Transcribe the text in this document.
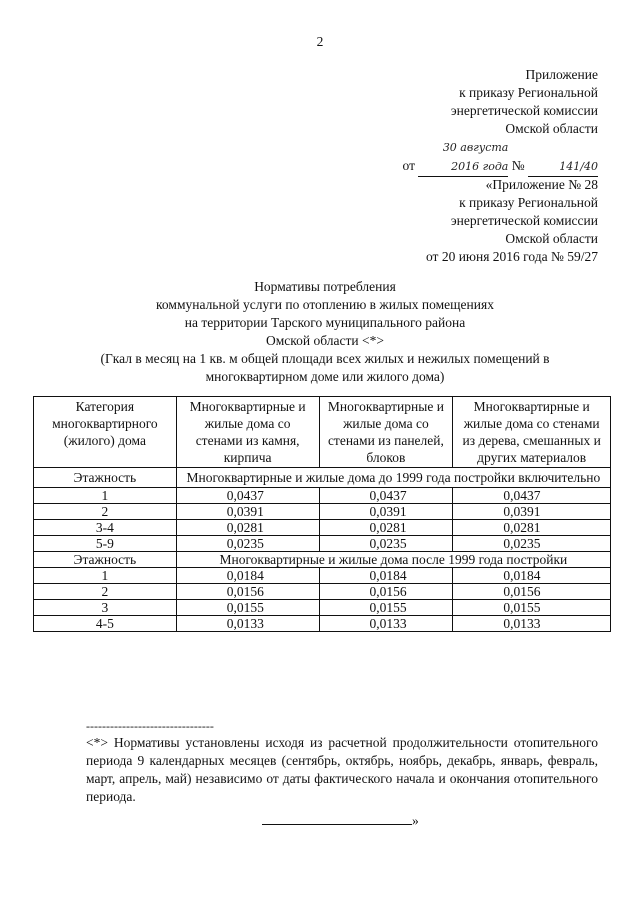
2
Приложение
к приказу Региональной
энергетической комиссии
Омской области
от 30 августа 2016 года №	141/40
«Приложение № 28
к приказу Региональной
энергетической комиссии
Омской области
от 20 июня 2016 года № 59/27
Нормативы потребления
коммунальной услуги по отоплению в жилых помещениях
на территории Тарского муниципального района
Омской области <*>
(Гкал в месяц на 1 кв. м общей площади всех жилых и нежилых помещений в
многоквартирном доме или жилого дома)
Категория многоквартирного (жилого) дома	Многоквартирные и жилые дома со стенами из камня, кирпича	Многоквартирные и жилые дома со стенами из панелей, блоков	Многоквартирные и жилые дома со стенами из дерева, смешанных и других материалов
Этажность	Многоквартирные и жилые дома до 1999 года постройки включительно		
1	0,0437	0,0437	0,0437
2	0,0391	0,0391	0,0391
3-4	0,0281	0,0281	0,0281
5-9	0,0235	0,0235	0,0235
Этажность	Многоквартирные и жилые дома после 1999 года постройки		
1	0,0184	0,0184	0,0184
2	0,0156	0,0156	0,0156
3	0,0155	0,0155	0,0155
4-5	0,0133	0,0133	0,0133
--------------------------------
<*> Нормативы установлены исходя из расчетной продолжительности отопительного периода 9 календарных месяцев (сентябрь, октябрь, ноябрь, декабрь, январь, февраль, март, апрель, май) независимо от даты фактического начала и окончания отопительного периода.
»
